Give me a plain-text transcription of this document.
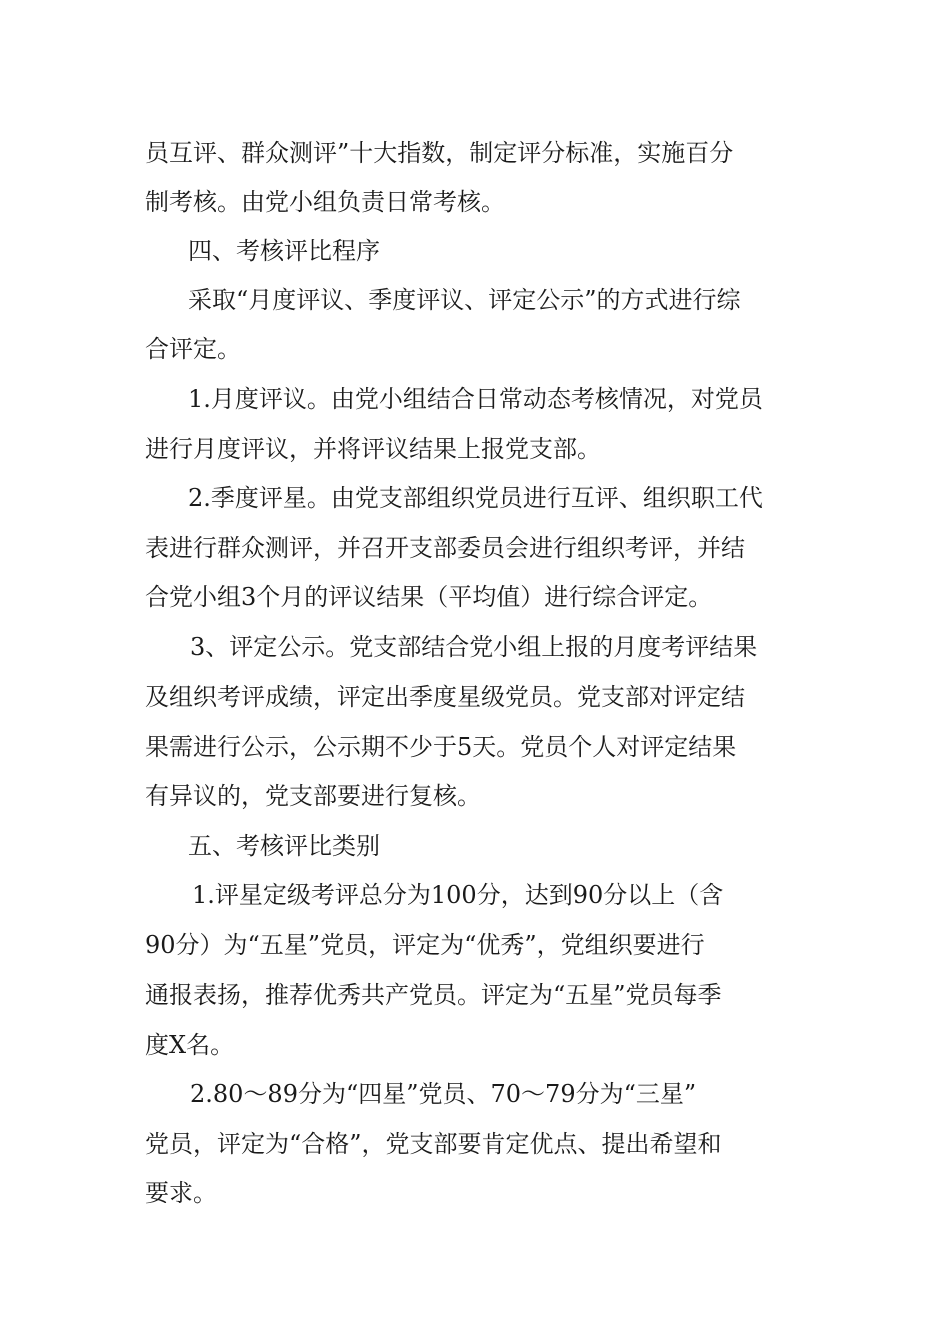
员互评、群众测评”十大指数，制定评分标准，实施百分
制考核。由党小组负责日常考核。
四、考核评比程序
采取“月度评议、季度评议、评定公示”的方式进行综
合评定。
1.月度评议。由党小组结合日常动态考核情况，对党员
进行月度评议，并将评议结果上报党支部。
2.季度评星。由党支部组织党员进行互评、组织职工代
表进行群众测评，并召开支部委员会进行组织考评，并结
合党小组3个月的评议结果（平均值）进行综合评定。
3、评定公示。党支部结合党小组上报的月度考评结果
及组织考评成绩，评定出季度星级党员。党支部对评定结
果需进行公示，公示期不少于5天。党员个人对评定结果
有异议的，党支部要进行复核。
五、考核评比类别
1.评星定级考评总分为100分，达到90分以上（含
90分）为“五星”党员，评定为“优秀”，党组织要进行
通报表扬，推荐优秀共产党员。评定为“五星”党员每季
度X名。
2.80～89分为“四星”党员、70～79分为“三星”
党员，评定为“合格”，党支部要肯定优点、提出希望和
要求。
